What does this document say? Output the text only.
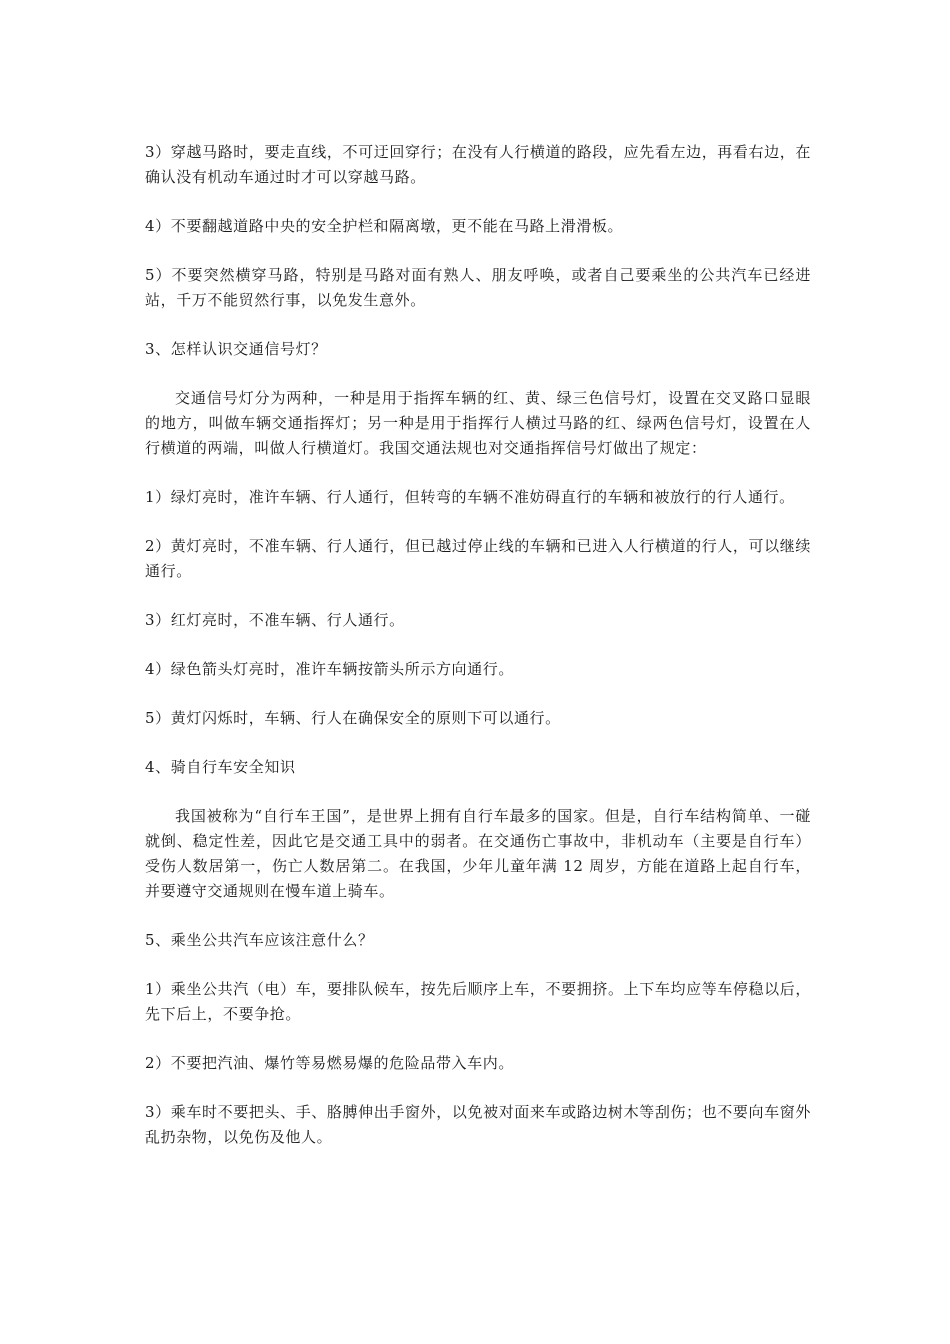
3）穿越马路时，要走直线，不可迂回穿行；在没有人行横道的路段，应先看左边，再看右边，在确认没有机动车通过时才可以穿越马路。

4）不要翻越道路中央的安全护栏和隔离墩，更不能在马路上滑滑板。

5）不要突然横穿马路，特别是马路对面有熟人、朋友呼唤，或者自己要乘坐的公共汽车已经进站，千万不能贸然行事，以免发生意外。

3、怎样认识交通信号灯？

交通信号灯分为两种，一种是用于指挥车辆的红、黄、绿三色信号灯，设置在交叉路口显眼的地方，叫做车辆交通指挥灯；另一种是用于指挥行人横过马路的红、绿两色信号灯，设置在人行横道的两端，叫做人行横道灯。我国交通法规也对交通指挥信号灯做出了规定：

1）绿灯亮时，准许车辆、行人通行，但转弯的车辆不准妨碍直行的车辆和被放行的行人通行。

2）黄灯亮时，不准车辆、行人通行，但已越过停止线的车辆和已进入人行横道的行人，可以继续通行。

3）红灯亮时，不准车辆、行人通行。

4）绿色箭头灯亮时，准许车辆按箭头所示方向通行。

5）黄灯闪烁时，车辆、行人在确保安全的原则下可以通行。

4、骑自行车安全知识

我国被称为“自行车王国”，是世界上拥有自行车最多的国家。但是，自行车结构简单、一碰就倒、稳定性差，因此它是交通工具中的弱者。在交通伤亡事故中，非机动车（主要是自行车）受伤人数居第一，伤亡人数居第二。在我国，少年儿童年满 12 周岁，方能在道路上起自行车，并要遵守交通规则在慢车道上骑车。

5、乘坐公共汽车应该注意什么？

1）乘坐公共汽（电）车，要排队候车，按先后顺序上车，不要拥挤。上下车均应等车停稳以后，先下后上，不要争抢。

2）不要把汽油、爆竹等易燃易爆的危险品带入车内。

3）乘车时不要把头、手、胳膊伸出手窗外，以免被对面来车或路边树木等刮伤；也不要向车窗外乱扔杂物，以免伤及他人。
